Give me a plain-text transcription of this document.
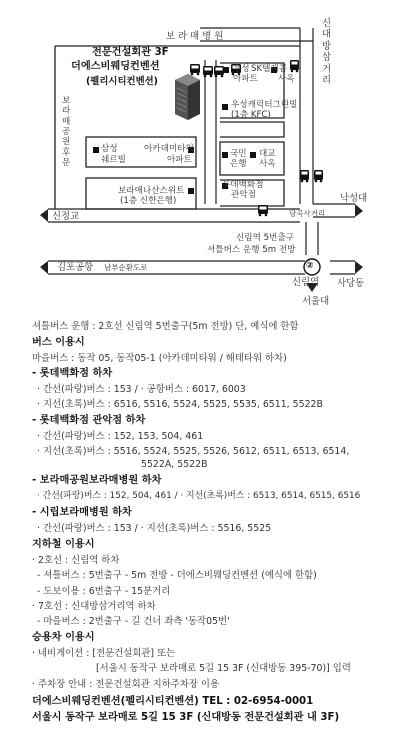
보 라 매 병 원
보
라
매
공
원
후
문
신
대
방
삼
거
리
전문건설회관 3F
더에스비웨딩컨벤션
(펠리시티컨벤션)
우성
아파트
SK텔레콤
사옥
우성캐릭터그린빌
(1층 KFC)
삼성
쉐르빌
아카데미타워
아파트
국민
은행
대교
사옥
롯데백화점
관악점
보라매나산스위트
(1층 신한은행)
신정교	당곡사거리
낙성대
신림역 5번출구
셔틀버스 운행 5m 전방
김포공항 남부순환도로	②
신림역 사당동
서울대
셔틀버스 운행 : 2호선 신림역 5번출구(5m 전방) 단, 예식에 한함
버스 이용시
마을버스 : 동작 05, 동작05-1 (아카데미타워 / 해태타워 하차)
- 롯데백화점 하차
· 간선(파랑)버스 : 153 / · 공항버스 : 6017, 6003
· 지선(초록)버스 : 6516, 5516, 5524, 5525, 5535, 6511, 5522B
- 롯데백화점 관악점 하차
· 간선(파랑)버스 : 152, 153, 504, 461
· 지선(초록)버스 : 5516, 5524, 5525, 5526, 5612, 6511, 6513, 6514,
5522A, 5522B
- 보라매공원보라매병원 하차
· 간선(파랑)버스 : 152, 504, 461 / · 지선(초록)버스 : 6513, 6514, 6515, 6516
- 시립보라매병원 하차
· 간선(파랑)버스 : 153 / · 지선(초록)버스 : 5516, 5525
지하철 이용시
· 2호선 : 신림역 하차
- 셔틀버스 : 5번출구 - 5m 전방 - 더에스비웨딩컨벤션 (예식에 한함)
- 도보이용 : 6번출구 - 15분거리
· 7호선 : 신대방삼거리역 하차
- 마을버스 : 2번출구 - 길 건너 좌측 '동작05번'
승용차 이용시
· 네비게이션 : [전문건설회관] 또는
[서울시 동작구 보라매로 5길 15 3F (신대방동 395-70)] 입력
· 주차장 안내 : 전문건설회관 지하주차장 이용
더에스비웨딩컨벤션(펠리시티컨벤션) TEL : 02-6954-0001
서울시 동작구 보라매로 5길 15 3F (신대방동 전문건설회관 내 3F)
